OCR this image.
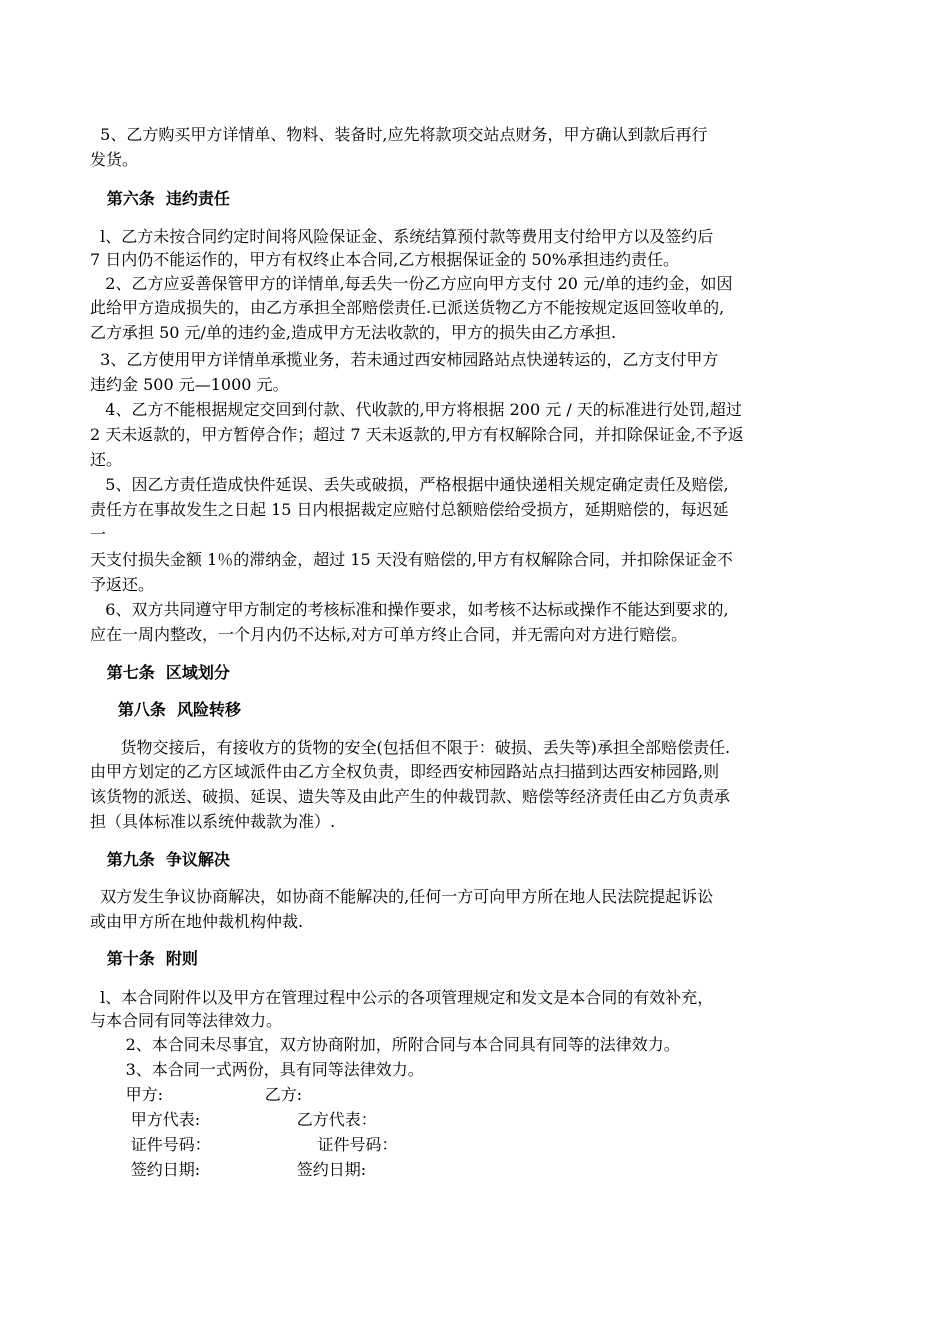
5、乙方购买甲方详情单、物料、装备时,应先将款项交站点财务，甲方确认到款后再行
发货。
第六条  违约责任
l、乙方未按合同约定时间将风险保证金、系统结算预付款等费用支付给甲方以及签约后
7 日内仍不能运作的，甲方有权终止本合同,乙方根据保证金的 50%承担违约责任。
2、乙方应妥善保管甲方的详情单,每丢失一份乙方应向甲方支付 20 元/单的违约金，如因
此给甲方造成损失的，由乙方承担全部赔偿责任.已派送货物乙方不能按规定返回签收单的,
乙方承担 50 元/单的违约金,造成甲方无法收款的，甲方的损失由乙方承担.
3、乙方使用甲方详情单承揽业务，若未通过西安柿园路站点快递转运的，乙方支付甲方
违约金 500 元—1000 元。
4、乙方不能根据规定交回到付款、代收款的,甲方将根据 200 元 / 天的标准进行处罚,超过
2 天未返款的，甲方暂停合作；超过 7 天未返款的,甲方有权解除合同，并扣除保证金,不予返
还。
5、因乙方责任造成快件延误、丢失或破损，严格根据中通快递相关规定确定责任及赔偿,
责任方在事故发生之日起 15 日内根据裁定应赔付总额赔偿给受损方，延期赔偿的，每迟延
一
天支付损失金额 1％的滞纳金，超过 15 天没有赔偿的,甲方有权解除合同，并扣除保证金不
予返还。
6、双方共同遵守甲方制定的考核标准和操作要求，如考核不达标或操作不能达到要求的,
应在一周内整改，一个月内仍不达标,对方可单方终止合同，并无需向对方进行赔偿。
第七条  区域划分
第八条  风险转移
货物交接后，有接收方的货物的安全(包括但不限于：破损、丢失等)承担全部赔偿责任.
由甲方划定的乙方区域派件由乙方全权负责，即经西安柿园路站点扫描到达西安柿园路,则
该货物的派送、破损、延误、遗失等及由此产生的仲裁罚款、赔偿等经济责任由乙方负责承
担（具体标准以系统仲裁款为准）.
第九条  争议解决
双方发生争议协商解决，如协商不能解决的,任何一方可向甲方所在地人民法院提起诉讼
或由甲方所在地仲裁机构仲裁.
第十条  附则
l、本合同附件以及甲方在管理过程中公示的各项管理规定和发文是本合同的有效补充，
与本合同有同等法律效力。
2、本合同未尽事宜，双方协商附加，所附合同与本合同具有同等的法律效力。
3、本合同一式两份，具有同等法律效力。
甲方:                    乙方:
甲方代表:                   乙方代表：
证件号码：                     证件号码：
签约日期:                   签约日期:
